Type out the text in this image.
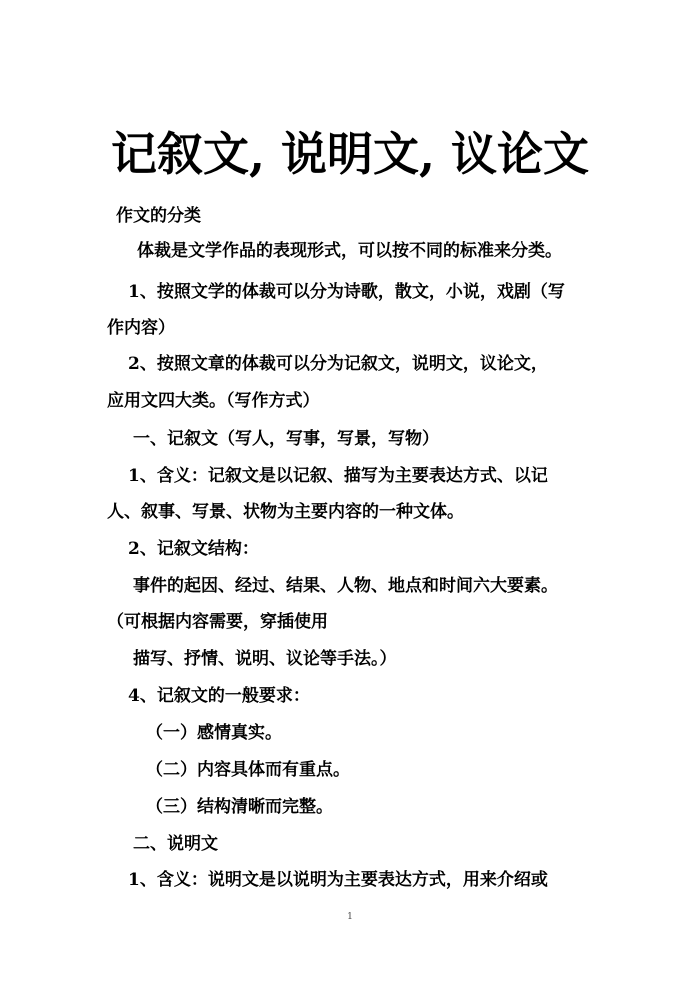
记叙文, 说明文, 议论文
作文的分类
体裁是文学作品的表现形式，可以按不同的标准来分类。
1、按照文学的体裁可以分为诗歌，散文，小说，戏剧（写
作内容）
2、按照文章的体裁可以分为记叙文，说明文，议论文，
应用文四大类。（写作方式）
一、记叙文（写人，写事，写景，写物）
1、含义：记叙文是以记叙、描写为主要表达方式、以记
人、叙事、写景、状物为主要内容的一种文体。
2、记叙文结构：
事件的起因、经过、结果、人物、地点和时间六大要素。
（可根据内容需要，穿插使用
描写、抒情、说明、议论等手法。）
4、记叙文的一般要求：
（一）感情真实。
（二）内容具体而有重点。
（三）结构清晰而完整。
二、说明文
1、含义：说明文是以说明为主要表达方式，用来介绍或
1
